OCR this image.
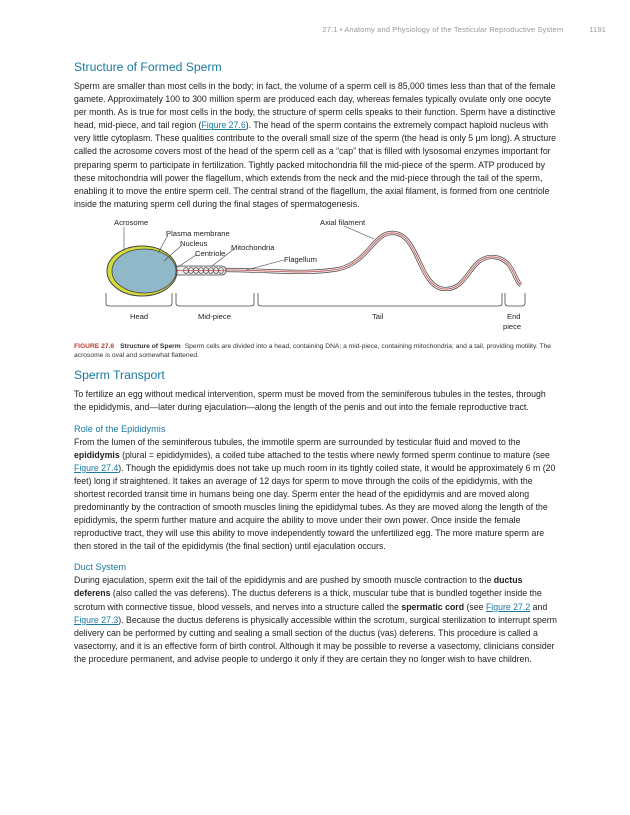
27.1 • Anatomy and Physiology of the Testicular Reproductive System	1191
Structure of Formed Sperm

Sperm are smaller than most cells in the body; in fact, the volume of a sperm cell is 85,000 times less than that of the female gamete. Approximately 100 to 300 million sperm are produced each day, whereas females typically ovulate only one oocyte per month. As is true for most cells in the body, the structure of sperm cells speaks to their function. Sperm have a distinctive head, mid-piece, and tail region (Figure 27.6). The head of the sperm contains the extremely compact haploid nucleus with very little cytoplasm. These qualities contribute to the overall small size of the sperm (the head is only 5 μm long). A structure called the acrosome covers most of the head of the sperm cell as a “cap” that is filled with lysosomal enzymes important for preparing sperm to participate in fertilization. Tightly packed mitochondria fill the mid-piece of the sperm. ATP produced by these mitochondria will power the flagellum, which extends from the neck and the mid-piece through the tail of the sperm, enabling it to move the entire sperm cell. The central strand of the flagellum, the axial filament, is formed from one centriole inside the maturing sperm cell during the final stages of spermatogenesis.

Acrosome
Plasma membrane
Nucleus
Centriole
Mitochondria
Axial filament
Flagellum
Head	Mid-piece	Tail	End
piece
FIGURE 27.6 Structure of Sperm Sperm cells are divided into a head, containing DNA; a mid-piece, containing mitochondria; and a tail, providing motility. The acrosome is oval and somewhat flattened.
Sperm Transport

To fertilize an egg without medical intervention, sperm must be moved from the seminiferous tubules in the testes, through the epididymis, and—later during ejaculation—along the length of the penis and out into the female reproductive tract.

Role of the Epididymis

From the lumen of the seminiferous tubules, the immotile sperm are surrounded by testicular fluid and moved to the epididymis (plural = epididymides), a coiled tube attached to the testis where newly formed sperm continue to mature (see Figure 27.4). Though the epididymis does not take up much room in its tightly coiled state, it would be approximately 6 m (20 feet) long if straightened. It takes an average of 12 days for sperm to move through the coils of the epididymis, with the shortest recorded transit time in humans being one day. Sperm enter the head of the epididymis and are moved along predominantly by the contraction of smooth muscles lining the epididymal tubes. As they are moved along the length of the epididymis, the sperm further mature and acquire the ability to move under their own power. Once inside the female reproductive tract, they will use this ability to move independently toward the unfertilized egg. The more mature sperm are then stored in the tail of the epididymis (the final section) until ejaculation occurs.

Duct System

During ejaculation, sperm exit the tail of the epididymis and are pushed by smooth muscle contraction to the ductus deferens (also called the vas deferens). The ductus deferens is a thick, muscular tube that is bundled together inside the scrotum with connective tissue, blood vessels, and nerves into a structure called the spermatic cord (see Figure 27.2 and Figure 27.3). Because the ductus deferens is physically accessible within the scrotum, surgical sterilization to interrupt sperm delivery can be performed by cutting and sealing a small section of the ductus (vas) deferens. This procedure is called a vasectomy, and it is an effective form of birth control. Although it may be possible to reverse a vasectomy, clinicians consider the procedure permanent, and advise people to undergo it only if they are certain they no longer wish to have children.
